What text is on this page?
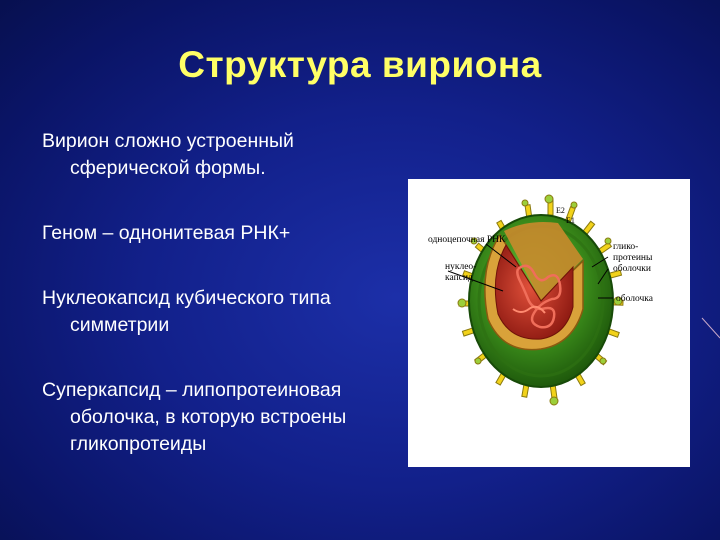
Структура вириона
Вирион сложно устроенный сферической формы.
Геном – однонитевая РНК+
Нуклеокапсид кубического типа симметрии
Суперкапсид – липопротеиновая оболочка, в которую встроены гликопротеиды
одноцепочная РНК
нуклео-
капсид
глико-
протеины
оболочки
оболочка
E2
E1
